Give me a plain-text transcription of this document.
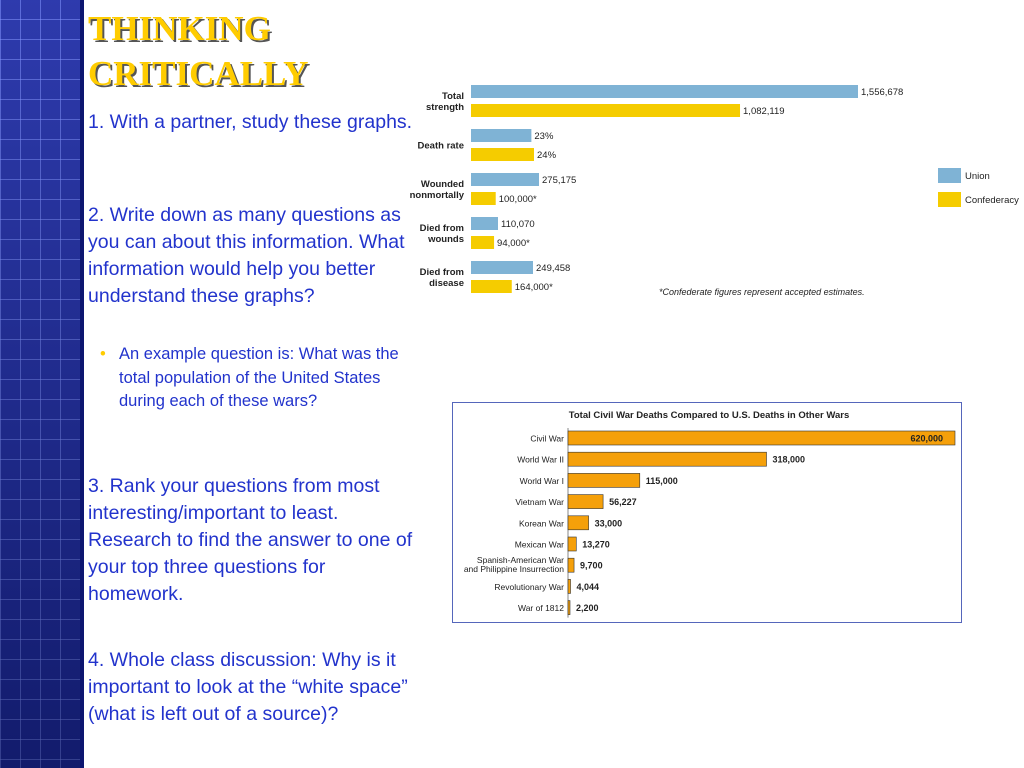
THINKING
CRITICALLY

1. With a partner, study these graphs.

2. Write down as many questions as you can about this information. What information would help you better understand these graphs?

• An example question is: What was the total population of the United States during each of these wars?

3. Rank your questions from most interesting/important to least. Research to find the answer to one of your top three questions for homework.

4. Whole class discussion: Why is it important to look at the “white space” (what is left out of a source)?

Total
strength
1,556,678
1,082,119
Death rate
23%
24%
Wounded
nonmortally
275,175
100,000*
Died from
wounds
110,070
94,000*
Died from
disease
249,458
164,000*
Union
Confederacy
*Confederate figures represent accepted estimates.
Total Civil War Deaths Compared to U.S. Deaths in Other Wars
Civil War	620,000
World War II	318,000
World War I	115,000
Vietnam War	56,227
Korean War	33,000
Mexican War 13,270
Spanish-American War
and Philippine Insurrection 9,700
Revolutionary War 4,044
War of 1812 2,200
